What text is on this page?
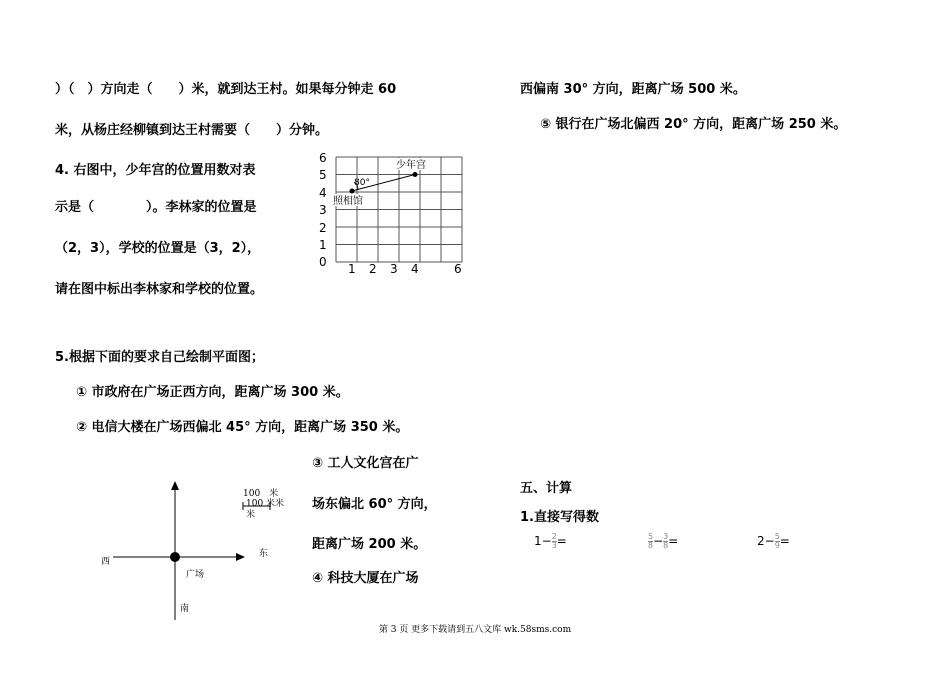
）（　）方向走（　　）米，就到达王村。如果每分钟走 60
米，从杨庄经柳镇到达王村需要（　　）分钟。
4. 右图中，少年宫的位置用数对表
示是（　　　　）。李林家的位置是
（2，3），学校的位置是（3，2），
请在图中标出李林家和学校的位置。
5.根据下面的要求自己绘制平面图；
① 市政府在广场正西方向，距离广场 300 米。
② 电信大楼在广场西偏北 45° 方向，距离广场 350 米。
③ 工人文化宫在广
场东偏北 60° 方向，
距离广场 200 米。
④ 科技大厦在广场
西偏南 30° 方向，距离广场 500 米。
⑤ 银行在广场北偏西 20° 方向，距离广场 250 米。
五、计算
1.直接写得数
$1- \frac{2}{3}$ =	$\frac{5}{8} - \frac{3}{8}$ =	$2- \frac{5}{9}$ =
6
5
4
3
2
1
0 1 2 3 4	6
少年宫
照相馆
80°
100　米
100 米米
米
西
东
广场
南
第 3 页 更多下载请到五八文库 wk.58sms.com
